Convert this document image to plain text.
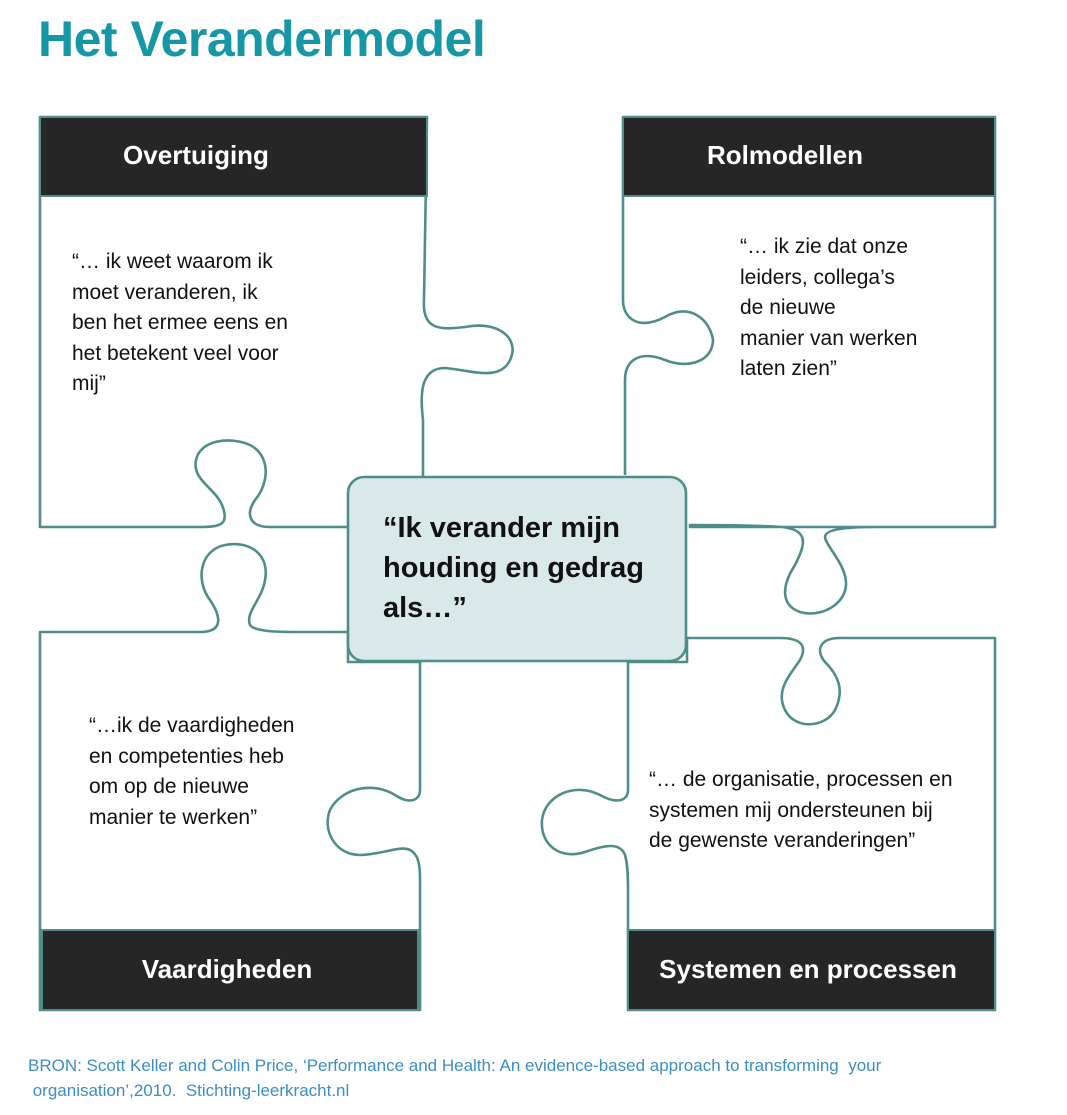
Het Verandermodel
Overtuiging	Rolmodellen
Vaardigheden	Systemen en processen
“… ik weet waarom ik
moet veranderen, ik
ben het ermee eens en
het betekent veel voor
mij”
“… ik zie dat onze
leiders, collega’s
de nieuwe
manier van werken
laten zien”
“…ik de vaardigheden
en competenties heb
om op de nieuwe
manier te werken”
“… de organisatie, processen en
systemen mij ondersteunen bij
de gewenste veranderingen”
“Ik verander mijn
houding en gedrag
als…”
BRON: Scott Keller and Colin Price, ‘Performance and Health: An evidence-based approach to transforming  your
organisation’,2010.  Stichting-leerkracht.nl
